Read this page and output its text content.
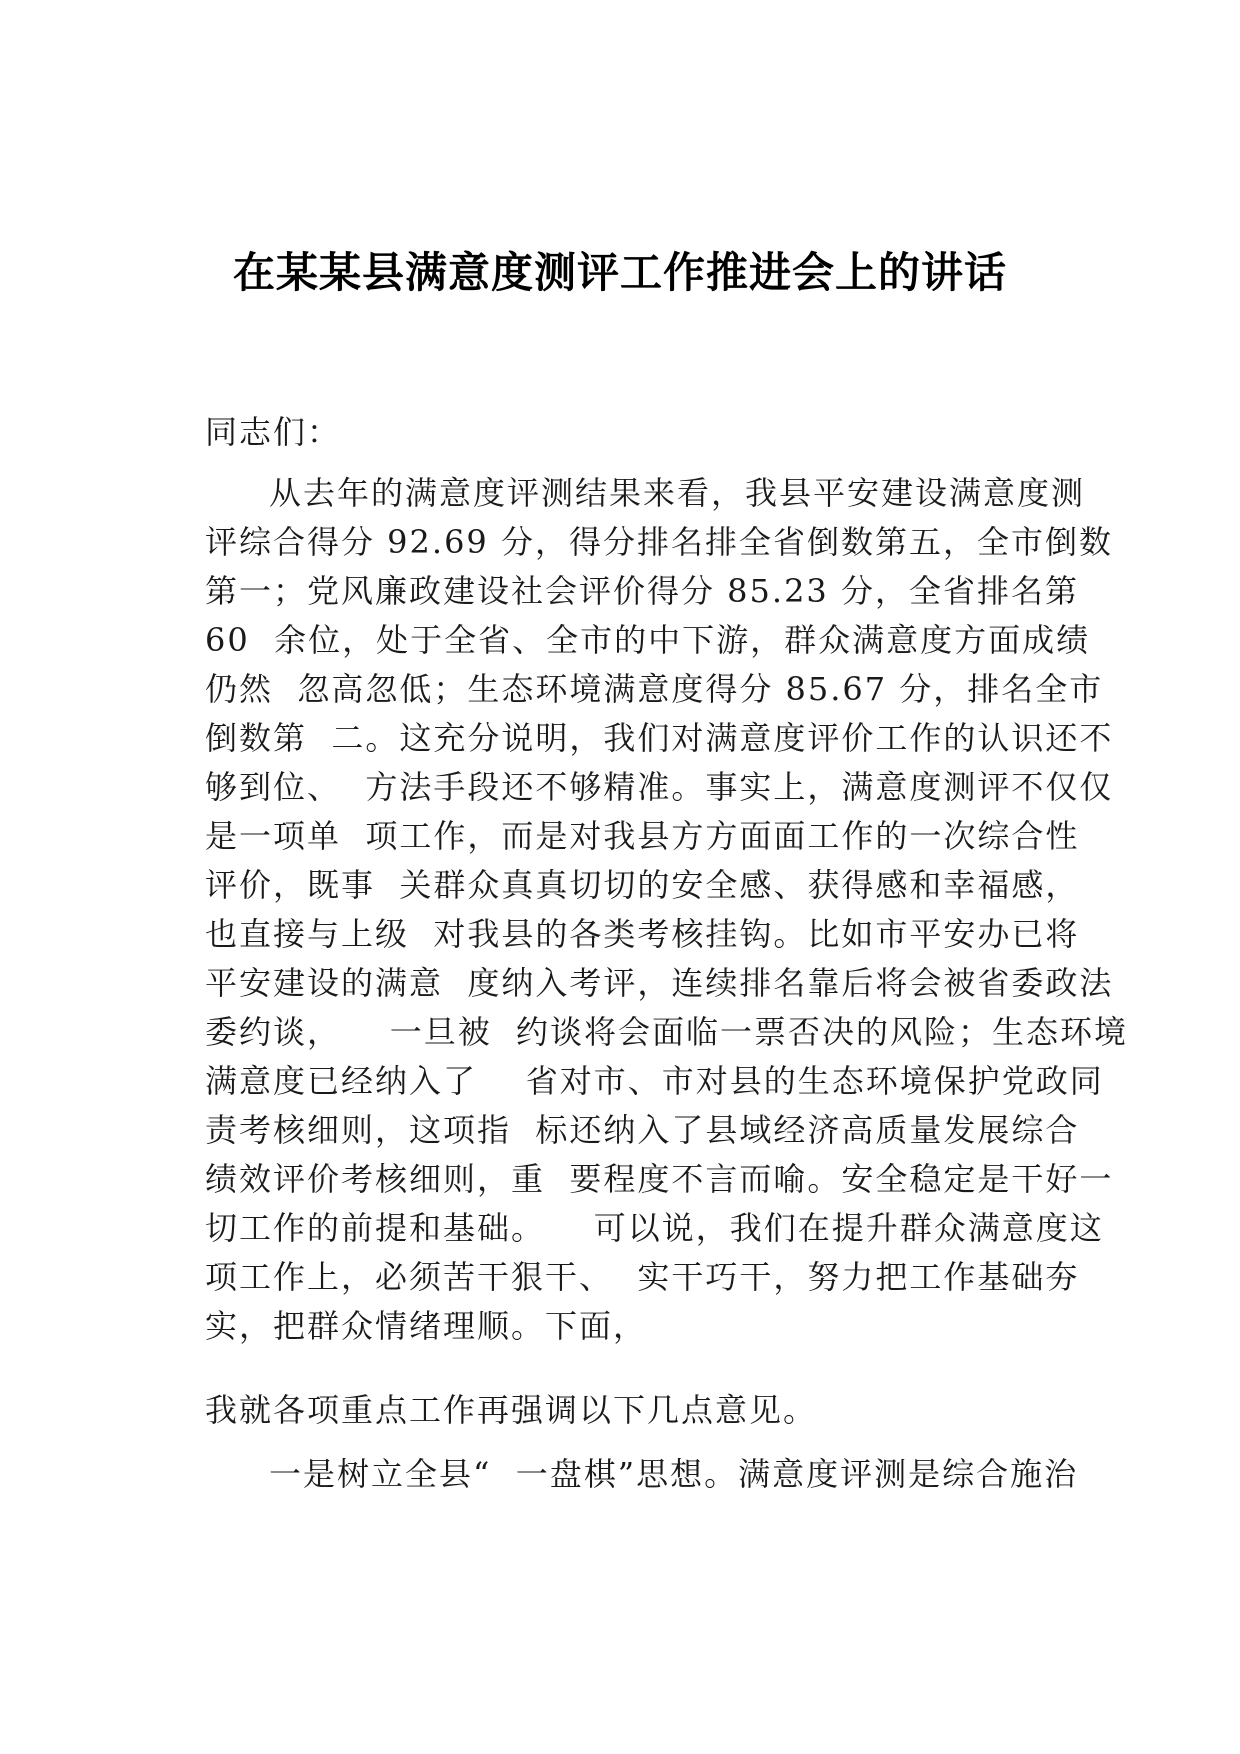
在某某县满意度测评工作推进会上的讲话
同志们：
从去年的满意度评测结果来看，我县平安建设满意度测
评综合得分 92.69 分，得分排名排全省倒数第五，全市倒数
第一；党风廉政建设社会评价得分 85.23 分，全省排名第
60  余位，处于全省、全市的中下游，群众满意度方面成绩
仍然  忽高忽低；生态环境满意度得分 85.67 分，排名全市
倒数第  二。这充分说明，我们对满意度评价工作的认识还不
够到位、  方法手段还不够精准。事实上，满意度测评不仅仅
是一项单  项工作，而是对我县方方面面工作的一次综合性
评价，既事  关群众真真切切的安全感、获得感和幸福感，
也直接与上级  对我县的各类考核挂钩。比如市平安办已将
平安建设的满意  度纳入考评，连续排名靠后将会被省委政法
委约谈，    一旦被  约谈将会面临一票否决的风险；生态环境
满意度已经纳入了    省对市、市对县的生态环境保护党政同
责考核细则，这项指  标还纳入了县域经济高质量发展综合
绩效评价考核细则，重  要程度不言而喻。安全稳定是干好一
切工作的前提和基础。    可以说，我们在提升群众满意度这
项工作上，必须苦干狠干、  实干巧干，努力把工作基础夯
实，把群众情绪理顺。下面，
我就各项重点工作再强调以下几点意见。
一是树立全县“  一盘棋”思想。满意度评测是综合施治
